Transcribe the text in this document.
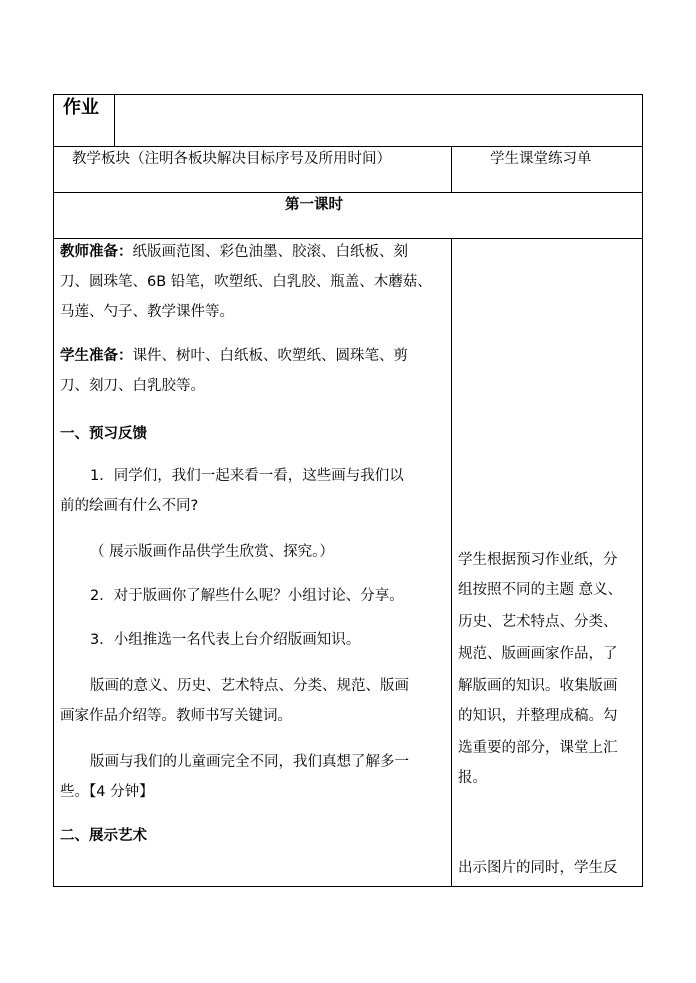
作业
教学板块（注明各板块解决目标序号及所用时间）	学生课堂练习单
第一课时
教师准备：纸版画范图、彩色油墨、胶滚、白纸板、刻
刀、圆珠笔、6B 铅笔，吹塑纸、白乳胶、瓶盖、木蘑菇、
马莲、勺子、教学课件等。
学生准备：课件、树叶、白纸板、吹塑纸、圆珠笔、剪
刀、刻刀、白乳胶等。
一、预习反馈
1．同学们，我们一起来看一看，这些画与我们以
前的绘画有什么不同?
（ 展示版画作品供学生欣赏、探究。）
2．对于版画你了解些什么呢？小组讨论、分享。
3．小组推选一名代表上台介绍版画知识。
版画的意义、历史、艺术特点、分类、规范、版画
画家作品介绍等。教师书写关键词。
版画与我们的儿童画完全不同，我们真想了解多一
些。【4 分钟】
二、展示艺术
学生根据预习作业纸，分
组按照不同的主题 意义、
历史、艺术特点、分类、
规范、版画画家作品，了
解版画的知识。收集版画
的知识，并整理成稿。勾
选重要的部分，课堂上汇
报。
出示图片的同时，学生反
